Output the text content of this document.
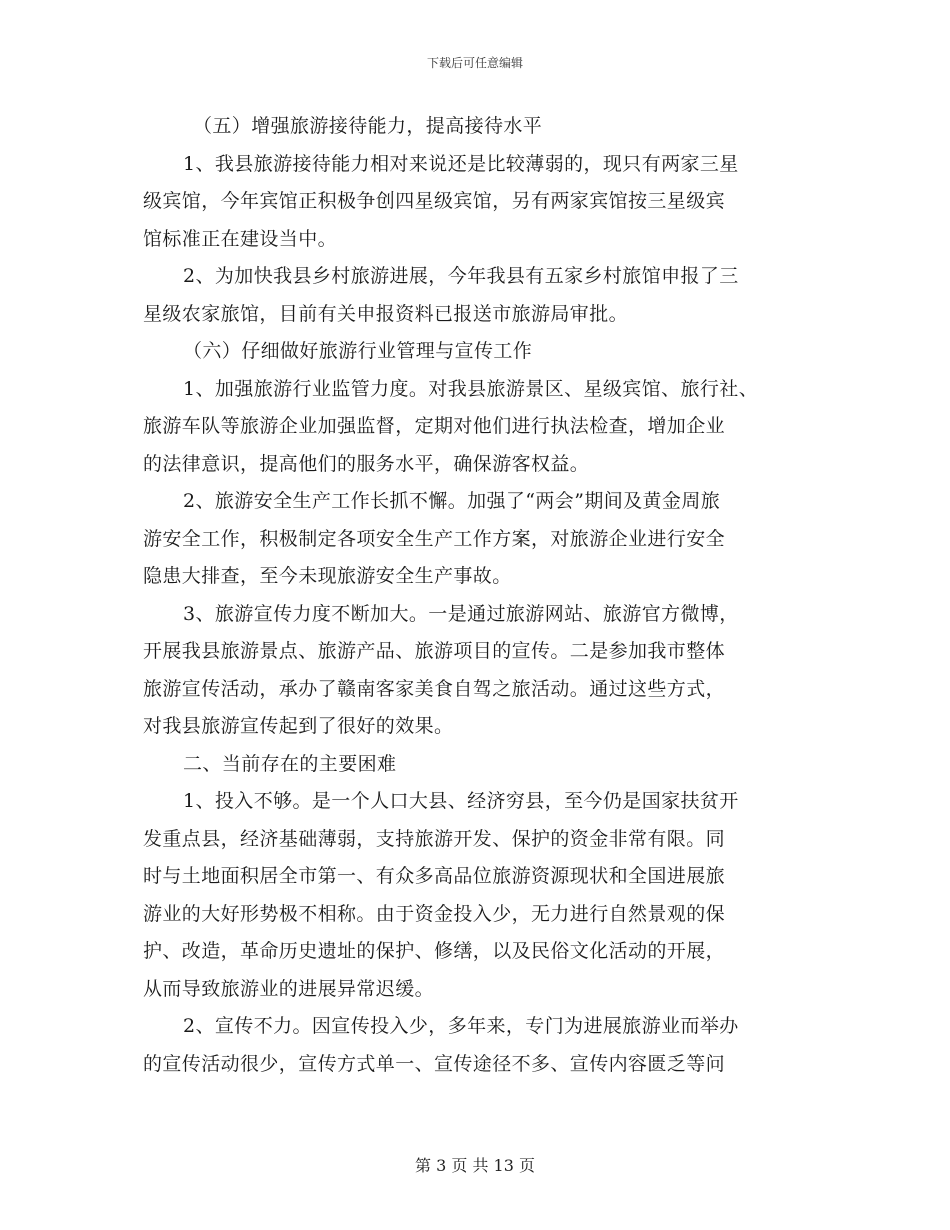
下载后可任意编辑
（五）增强旅游接待能力，提高接待水平
1、我县旅游接待能力相对来说还是比较薄弱的，现只有两家三星
级宾馆，今年宾馆正积极争创四星级宾馆，另有两家宾馆按三星级宾
馆标准正在建设当中。
2、为加快我县乡村旅游进展，今年我县有五家乡村旅馆申报了三
星级农家旅馆，目前有关申报资料已报送市旅游局审批。
（六）仔细做好旅游行业管理与宣传工作
1、加强旅游行业监管力度。对我县旅游景区、星级宾馆、旅行社、
旅游车队等旅游企业加强监督，定期对他们进行执法检查，增加企业
的法律意识，提高他们的服务水平，确保游客权益。
2、旅游安全生产工作长抓不懈。加强了“两会”期间及黄金周旅
游安全工作，积极制定各项安全生产工作方案，对旅游企业进行安全
隐患大排查，至今未现旅游安全生产事故。
3、旅游宣传力度不断加大。一是通过旅游网站、旅游官方微博，
开展我县旅游景点、旅游产品、旅游项目的宣传。二是参加我市整体
旅游宣传活动，承办了赣南客家美食自驾之旅活动。通过这些方式，
对我县旅游宣传起到了很好的效果。
二、当前存在的主要困难
1、投入不够。是一个人口大县、经济穷县，至今仍是国家扶贫开
发重点县，经济基础薄弱，支持旅游开发、保护的资金非常有限。同
时与土地面积居全市第一、有众多高品位旅游资源现状和全国进展旅
游业的大好形势极不相称。由于资金投入少，无力进行自然景观的保
护、改造，革命历史遗址的保护、修缮，以及民俗文化活动的开展，
从而导致旅游业的进展异常迟缓。
2、宣传不力。因宣传投入少，多年来，专门为进展旅游业而举办
的宣传活动很少，宣传方式单一、宣传途径不多、宣传内容匮乏等问
第 3 页 共 13 页
